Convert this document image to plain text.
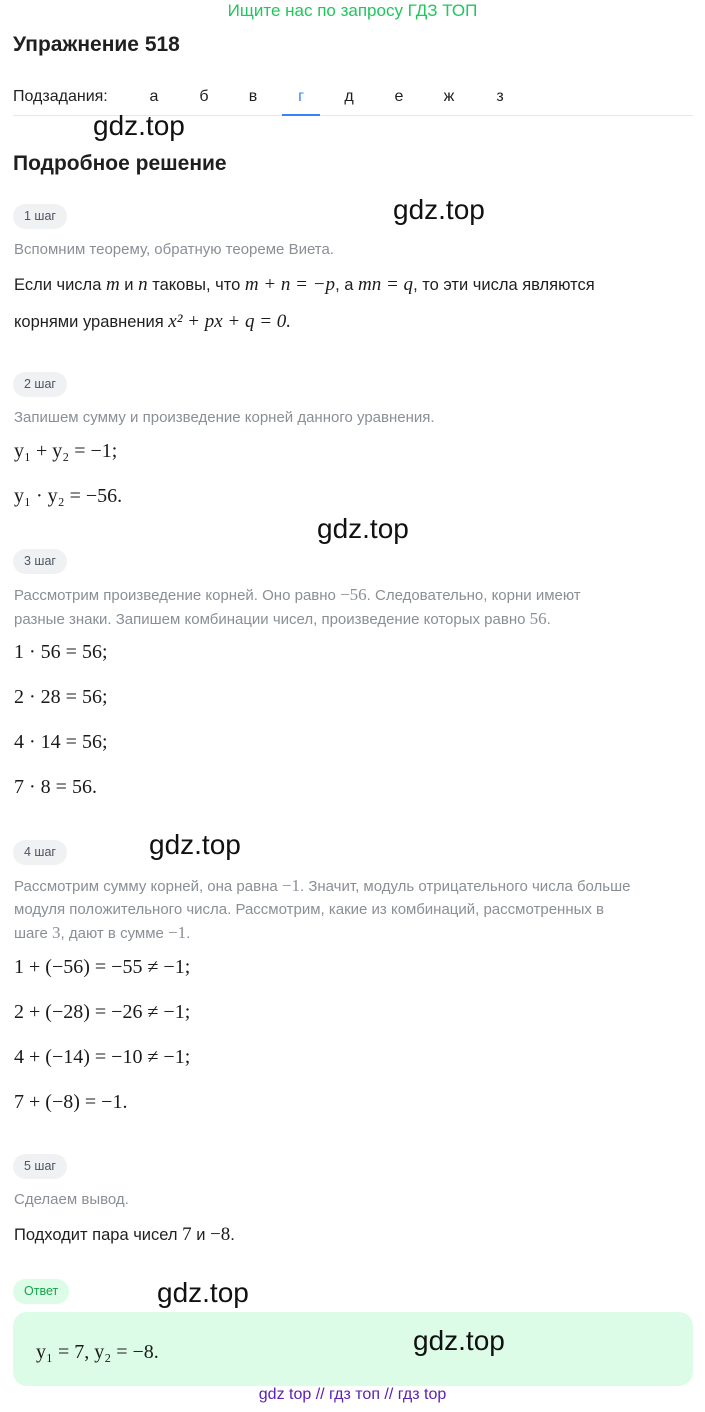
Ищите нас по запросу ГДЗ ТОП
Упражнение 518
Подзадания:	а	б	в	г	д	е	ж	з
gdz.top
gdz.top
gdz.top
gdz.top
gdz.top
gdz.top
Подробное решение
1 шаг
Вспомним теорему, обратную теореме Виета.
Если числа m и n таковы, что m + n = −p, а mn = q, то эти числа являются
корнями уравнения x² + px + q = 0.
2 шаг
Запишем сумму и произведение корней данного уравнения.
y₁ + y₂ = −1;
y₁ · y₂ = −56.
3 шаг
Рассмотрим произведение корней. Оно равно −56. Следовательно, корни имеют
разные знаки. Запишем комбинации чисел, произведение которых равно 56.
1 · 56 = 56;
2 · 28 = 56;
4 · 14 = 56;
7 · 8 = 56.
4 шаг
Рассмотрим сумму корней, она равна −1. Значит, модуль отрицательного числа больше
модуля положительного числа. Рассмотрим, какие из комбинаций, рассмотренных в
шаге 3, дают в сумме −1.
1 + (−56) = −55 ≠ −1;
2 + (−28) = −26 ≠ −1;
4 + (−14) = −10 ≠ −1;
7 + (−8) = −1.
5 шаг
Сделаем вывод.
Подходит пара чисел 7 и −8.
Ответ
y₁ = 7, y₂ = −8.
gdz top // гдз топ // гдз top
